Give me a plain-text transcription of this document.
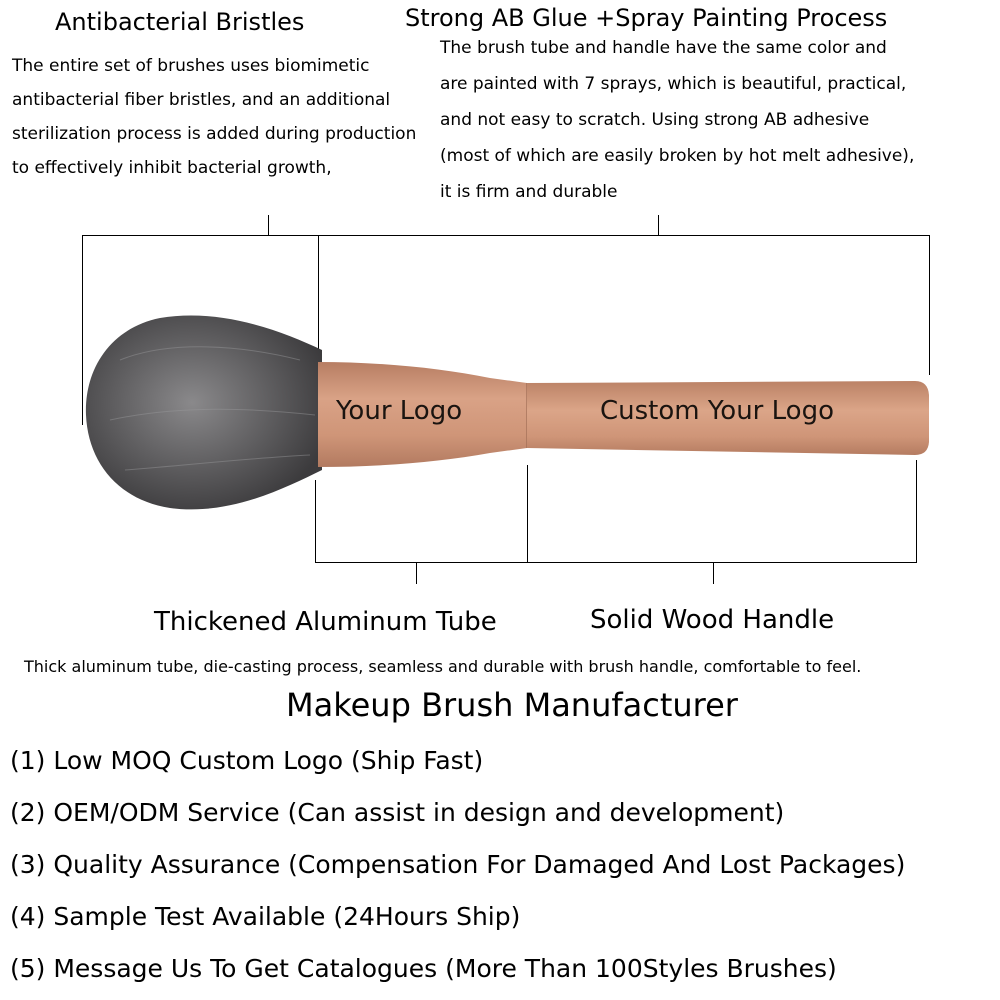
Antibacterial Bristles
The entire set of brushes uses biomimetic
antibacterial fiber bristles, and an additional
sterilization process is added during production
to effectively inhibit bacterial growth,
Strong AB Glue +Spray Painting Process
The brush tube and handle have the same color and
are painted with 7 sprays, which is beautiful, practical,
and not easy to scratch. Using strong AB adhesive
(most of which are easily broken by hot melt adhesive),
it is firm and durable
Your Logo	Custom Your Logo
Thickened Aluminum Tube	Solid Wood Handle
Thick aluminum tube, die-casting process, seamless and durable with brush handle, comfortable to feel.
Makeup Brush Manufacturer
(1) Low MOQ Custom Logo (Ship Fast)
(2) OEM/ODM Service (Can assist in design and development)
(3) Quality Assurance (Compensation For Damaged And Lost Packages)
(4) Sample Test Available (24Hours Ship)
(5) Message Us To Get Catalogues (More Than 100Styles Brushes)
